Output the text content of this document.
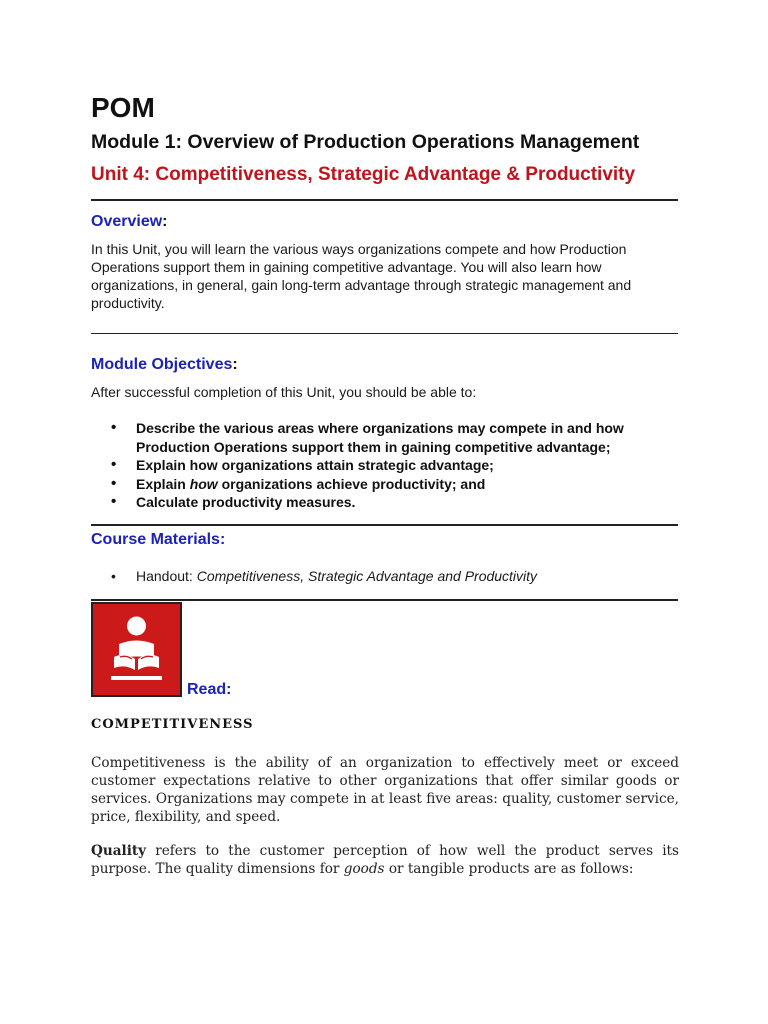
POM
Module 1: Overview of Production Operations Management
Unit 4: Competitiveness, Strategic Advantage & Productivity
Overview:
In this Unit, you will learn the various ways organizations compete and how Production Operations support them in gaining competitive advantage. You will also learn how organizations, in general, gain long-term advantage through strategic management and productivity.
Module Objectives:
After successful completion of this Unit, you should be able to:
• Describe the various areas where organizations may compete in and how Production Operations support them in gaining competitive advantage;
• Explain how organizations attain strategic advantage;
• Explain how organizations achieve productivity; and
• Calculate productivity measures.
Course Materials:
• Handout: Competitiveness, Strategic Advantage and Productivity
Read:
COMPETITIVENESS
Competitiveness is the ability of an organization to effectively meet or exceed customer expectations relative to other organizations that offer similar goods or services. Organizations may compete in at least five areas: quality, customer service, price, flexibility, and speed.
Quality refers to the customer perception of how well the product serves its purpose. The quality dimensions for goods or tangible products are as follows:
